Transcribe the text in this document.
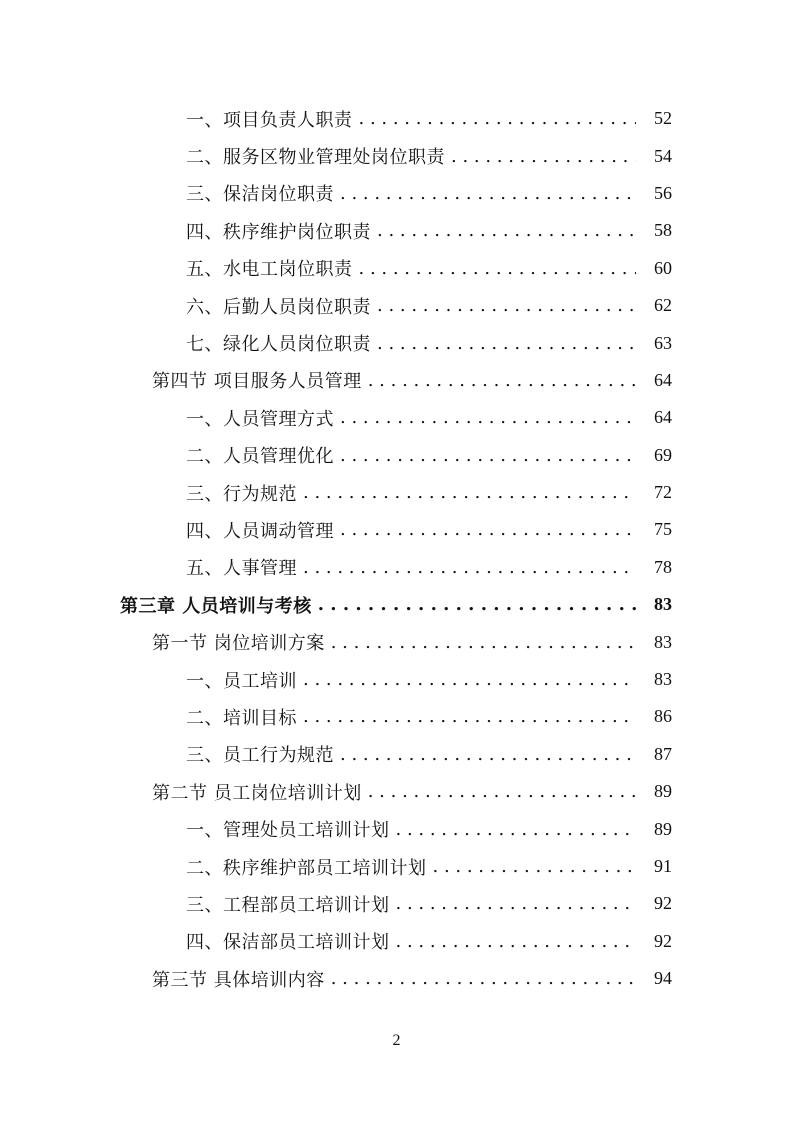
一、项目负责人职责 . . .	52
二、服务区物业管理处岗位职责 . . .	54
三、保洁岗位职责 . . .	56
四、秩序维护岗位职责 . . .	58
五、水电工岗位职责 . . .	60
六、后勤人员岗位职责 . . .	62
七、绿化人员岗位职责 . . .	63
第四节 项目服务人员管理 . . .	64
一、人员管理方式 . . .	64
二、人员管理优化 . . .	69
三、行为规范 . . .	72
四、人员调动管理 . . .	75
五、人事管理 . . .	78
第三章 人员培训与考核 . . .	83
第一节 岗位培训方案 . . .	83
一、员工培训 . . .	83
二、培训目标 . . .	86
三、员工行为规范 . . .	87
第二节 员工岗位培训计划 . . .	89
一、管理处员工培训计划 . . .	89
二、秩序维护部员工培训计划 . . .	91
三、工程部员工培训计划 . . .	92
四、保洁部员工培训计划 . . .	92
第三节 具体培训内容 . . .	94
2
